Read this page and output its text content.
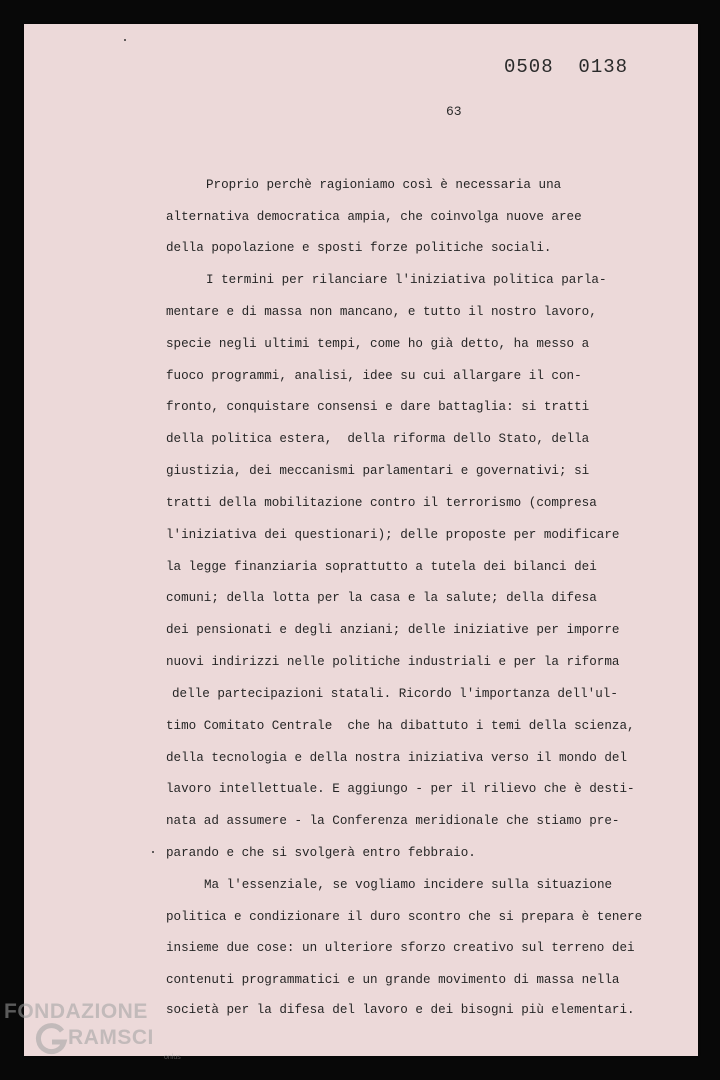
0508  0138
63
Proprio perchè ragioniamo così è necessaria una
alternativa democratica ampia, che coinvolga nuove aree
della popolazione e sposti forze politiche sociali.
I termini per rilanciare l'iniziativa politica parla-
mentare e di massa non mancano, e tutto il nostro lavoro,
specie negli ultimi tempi, come ho già detto, ha messo a
fuoco programmi, analisi, idee su cui allargare il con-
fronto, conquistare consensi e dare battaglia: si tratti
della politica estera,  della riforma dello Stato, della
giustizia, dei meccanismi parlamentari e governativi; si
tratti della mobilitazione contro il terrorismo (compresa
l'iniziativa dei questionari); delle proposte per modificare
la legge finanziaria soprattutto a tutela dei bilanci dei
comuni; della lotta per la casa e la salute; della difesa
dei pensionati e degli anziani; delle iniziative per imporre
nuovi indirizzi nelle politiche industriali e per la riforma
delle partecipazioni statali. Ricordo l'importanza dell'ul-
timo Comitato Centrale  che ha dibattuto i temi della scienza,
della tecnologia e della nostra iniziativa verso il mondo del
lavoro intellettuale. E aggiungo - per il rilievo che è desti-
nata ad assumere - la Conferenza meridionale che stiamo pre-
parando e che si svolgerà entro febbraio.
Ma l'essenziale, se vogliamo incidere sulla situazione
politica e condizionare il duro scontro che si prepara è tenere
insieme due cose: un ulteriore sforzo creativo sul terreno dei
contenuti programmatici e un grande movimento di massa nella
società per la difesa del lavoro e dei bisogni più elementari.
FONDAZIONE
RAMSCI
onlus
